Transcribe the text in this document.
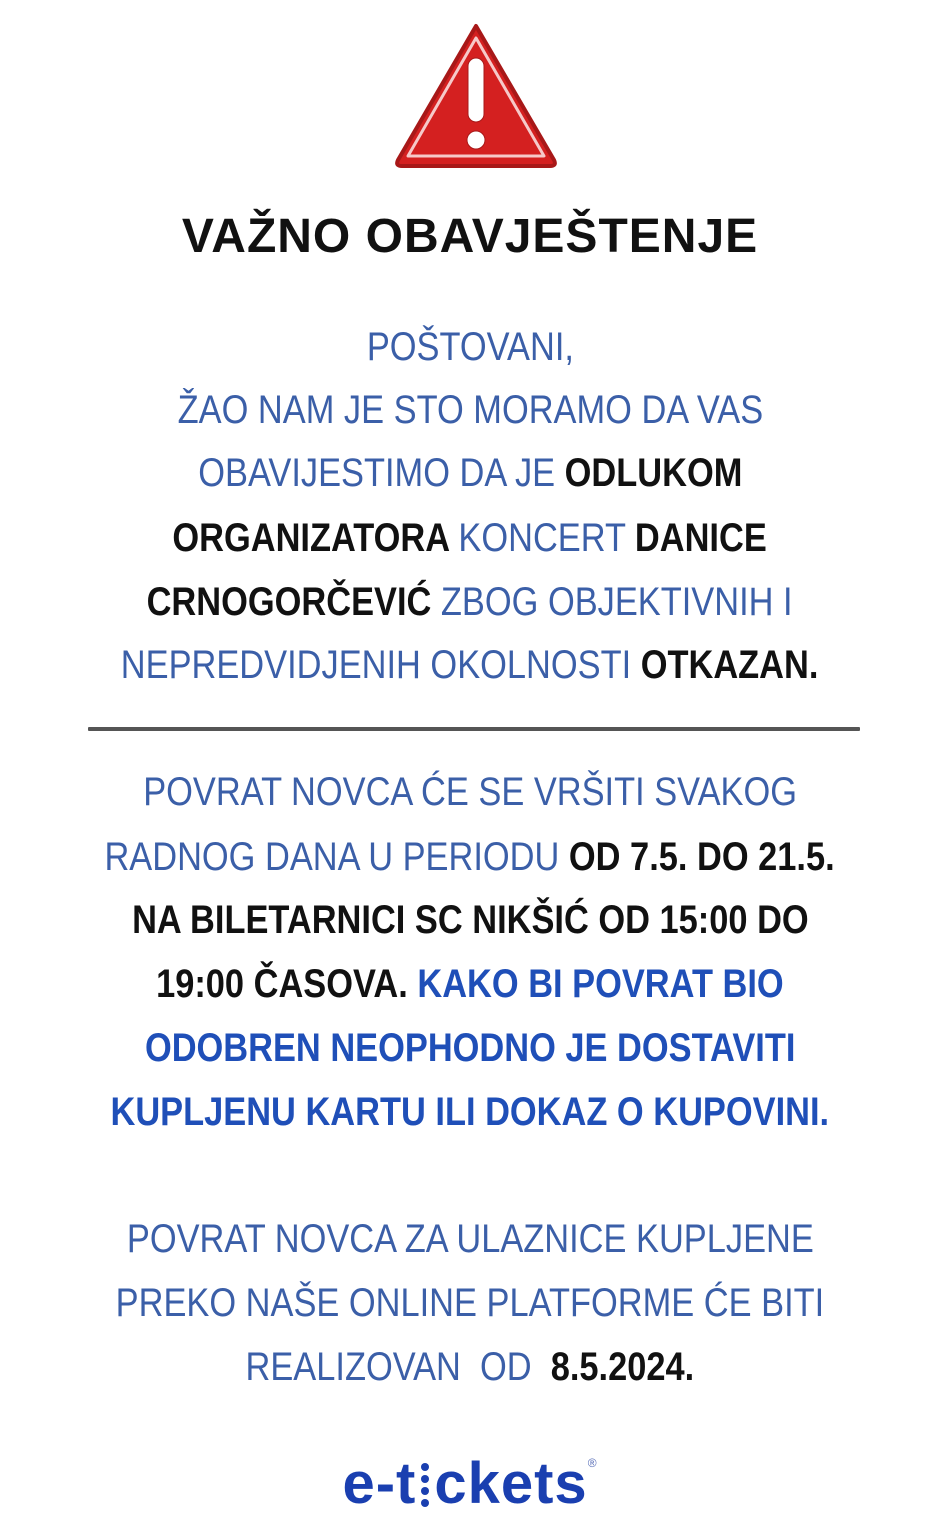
VAŽNO OBAVJEŠTENJE
POŠTOVANI,
ŽAO NAM JE STO MORAMO DA VAS
OBAVIJESTIMO DA JE ODLUKOM
ORGANIZATORA KONCERT DANICE
CRNOGORČEVIĆ ZBOG OBJEKTIVNIH I
NEPREDVIDJENIH OKOLNOSTI OTKAZAN.
POVRAT NOVCA ĆE SE VRŠITI SVAKOG
RADNOG DANA U PERIODU OD 7.5. DO 21.5.
NA BILETARNICI SC NIKŠIĆ OD 15:00 DO
19:00 ČASOVA. KAKO BI POVRAT BIO
ODOBREN NEOPHODNO JE DOSTAVITI
KUPLJENU KARTU ILI DOKAZ O KUPOVINI.
POVRAT NOVCA ZA ULAZNICE KUPLJENE
PREKO NAŠE ONLINE PLATFORME ĆE BITI
REALIZOVAN  OD  8.5.2024.
e-t ckets®
